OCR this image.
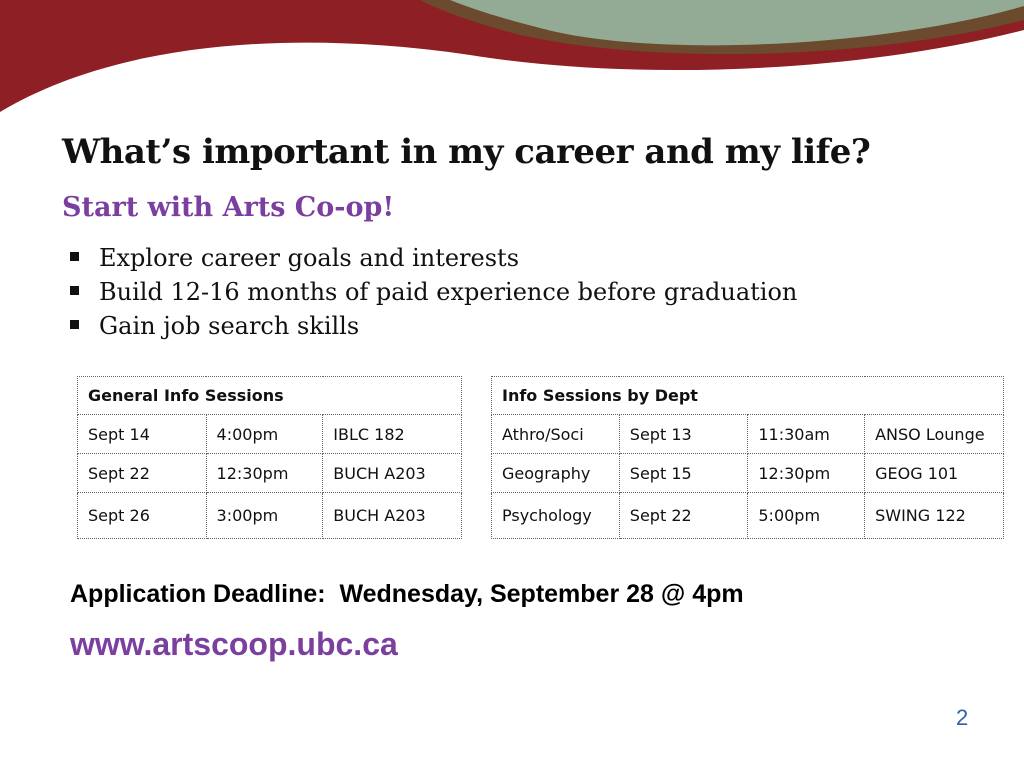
What’s important in my career and my life?
Start with Arts Co-op!
Explore career goals and interests
Build 12-16 months of paid experience before graduation
Gain job search skills
General Info Sessions		
Sept 14	4:00pm	IBLC 182
Sept 22	12:30pm	BUCH A203
Sept 26	3:00pm	BUCH A203
Info Sessions by Dept			
Athro/Soci	Sept 13	11:30am	ANSO Lounge
Geography	Sept 15	12:30pm	GEOG 101
Psychology	Sept 22	5:00pm	SWING 122
Application Deadline:  Wednesday, September 28 @ 4pm
www.artscoop.ubc.ca
2
